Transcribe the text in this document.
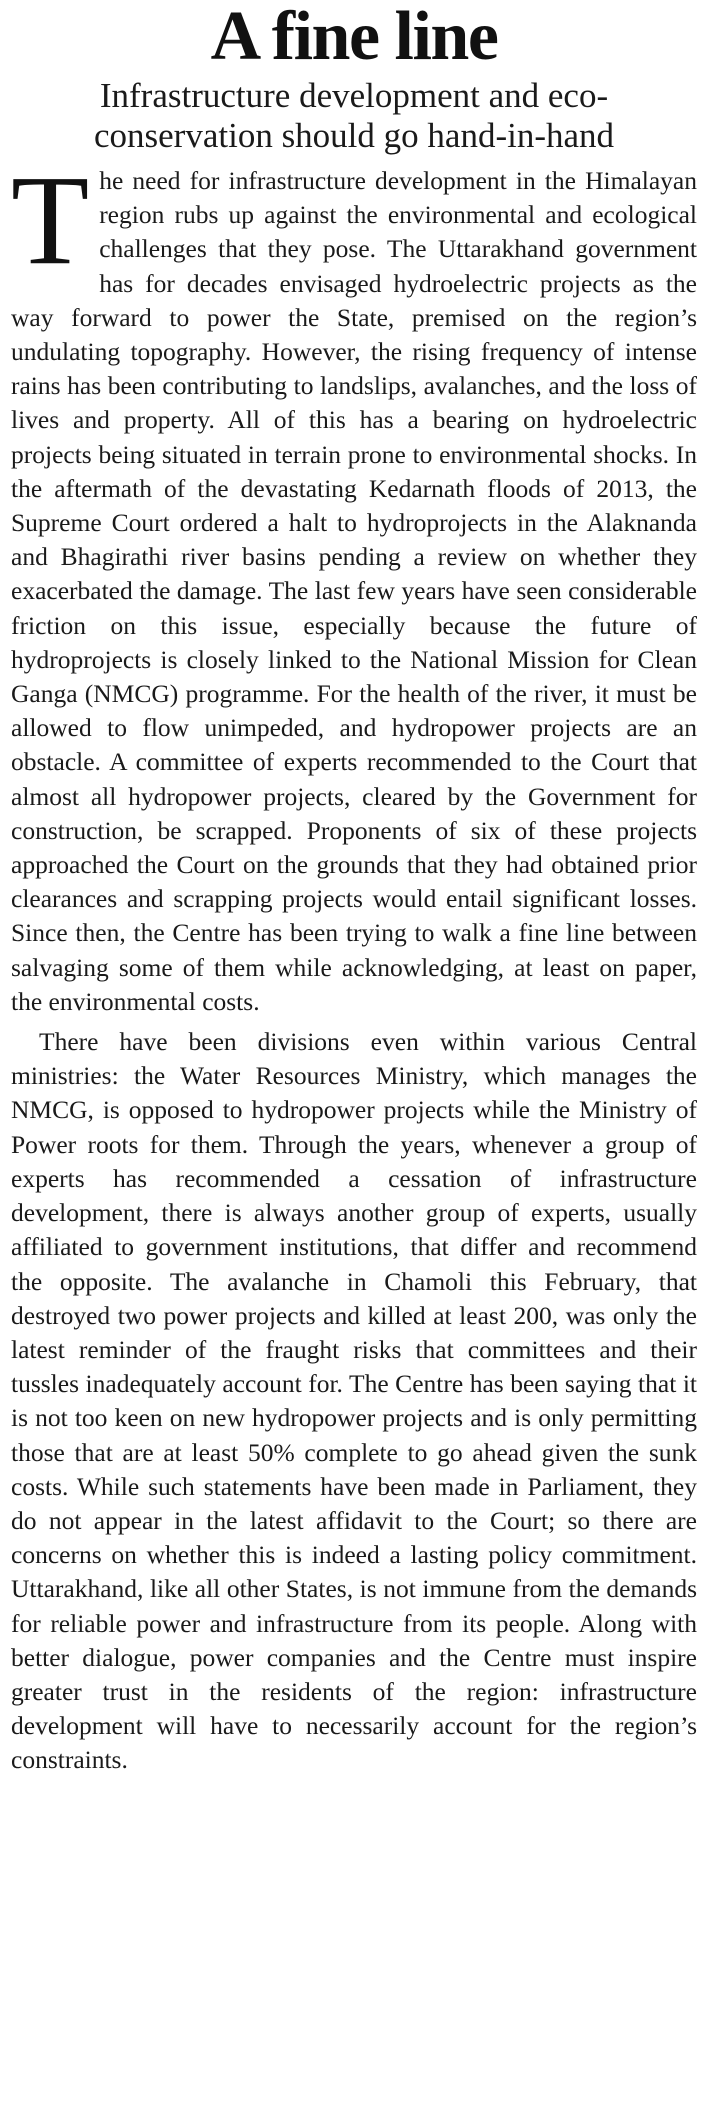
A fine line
Infrastructure development and eco-conservation should go hand-in-hand

The need for infrastructure development in the Himalayan region rubs up against the environmental and ecological challenges that they pose. The Uttarakhand government has for decades envisaged hydroelectric projects as the way forward to power the State, premised on the region’s undulating topography. However, the rising frequency of intense rains has been contributing to landslips, avalanches, and the loss of lives and property. All of this has a bearing on hydroelectric projects being situated in terrain prone to environmental shocks. In the aftermath of the devastating Kedarnath floods of 2013, the Supreme Court ordered a halt to hydroprojects in the Alaknanda and Bhagirathi river basins pending a review on whether they exacerbated the damage. The last few years have seen considerable friction on this issue, especially because the future of hydroprojects is closely linked to the National Mission for Clean Ganga (NMCG) programme. For the health of the river, it must be allowed to flow unimpeded, and hydropower projects are an obstacle. A committee of experts recommended to the Court that almost all hydropower projects, cleared by the Government for construction, be scrapped. Proponents of six of these projects approached the Court on the grounds that they had obtained prior clearances and scrapping projects would entail significant losses. Since then, the Centre has been trying to walk a fine line between salvaging some of them while acknowledging, at least on paper, the environmental costs.

There have been divisions even within various Central ministries: the Water Resources Ministry, which manages the NMCG, is opposed to hydropower projects while the Ministry of Power roots for them. Through the years, whenever a group of experts has recommended a cessation of infrastructure development, there is always another group of experts, usually affiliated to government institutions, that differ and recommend the opposite. The avalanche in Chamoli this February, that destroyed two power projects and killed at least 200, was only the latest reminder of the fraught risks that committees and their tussles inadequately account for. The Centre has been saying that it is not too keen on new hydropower projects and is only permitting those that are at least 50% complete to go ahead given the sunk costs. While such statements have been made in Parliament, they do not appear in the latest affidavit to the Court; so there are concerns on whether this is indeed a lasting policy commitment. Uttarakhand, like all other States, is not immune from the demands for reliable power and infrastructure from its people. Along with better dialogue, power companies and the Centre must inspire greater trust in the residents of the region: infrastructure development will have to necessarily account for the region’s constraints.
